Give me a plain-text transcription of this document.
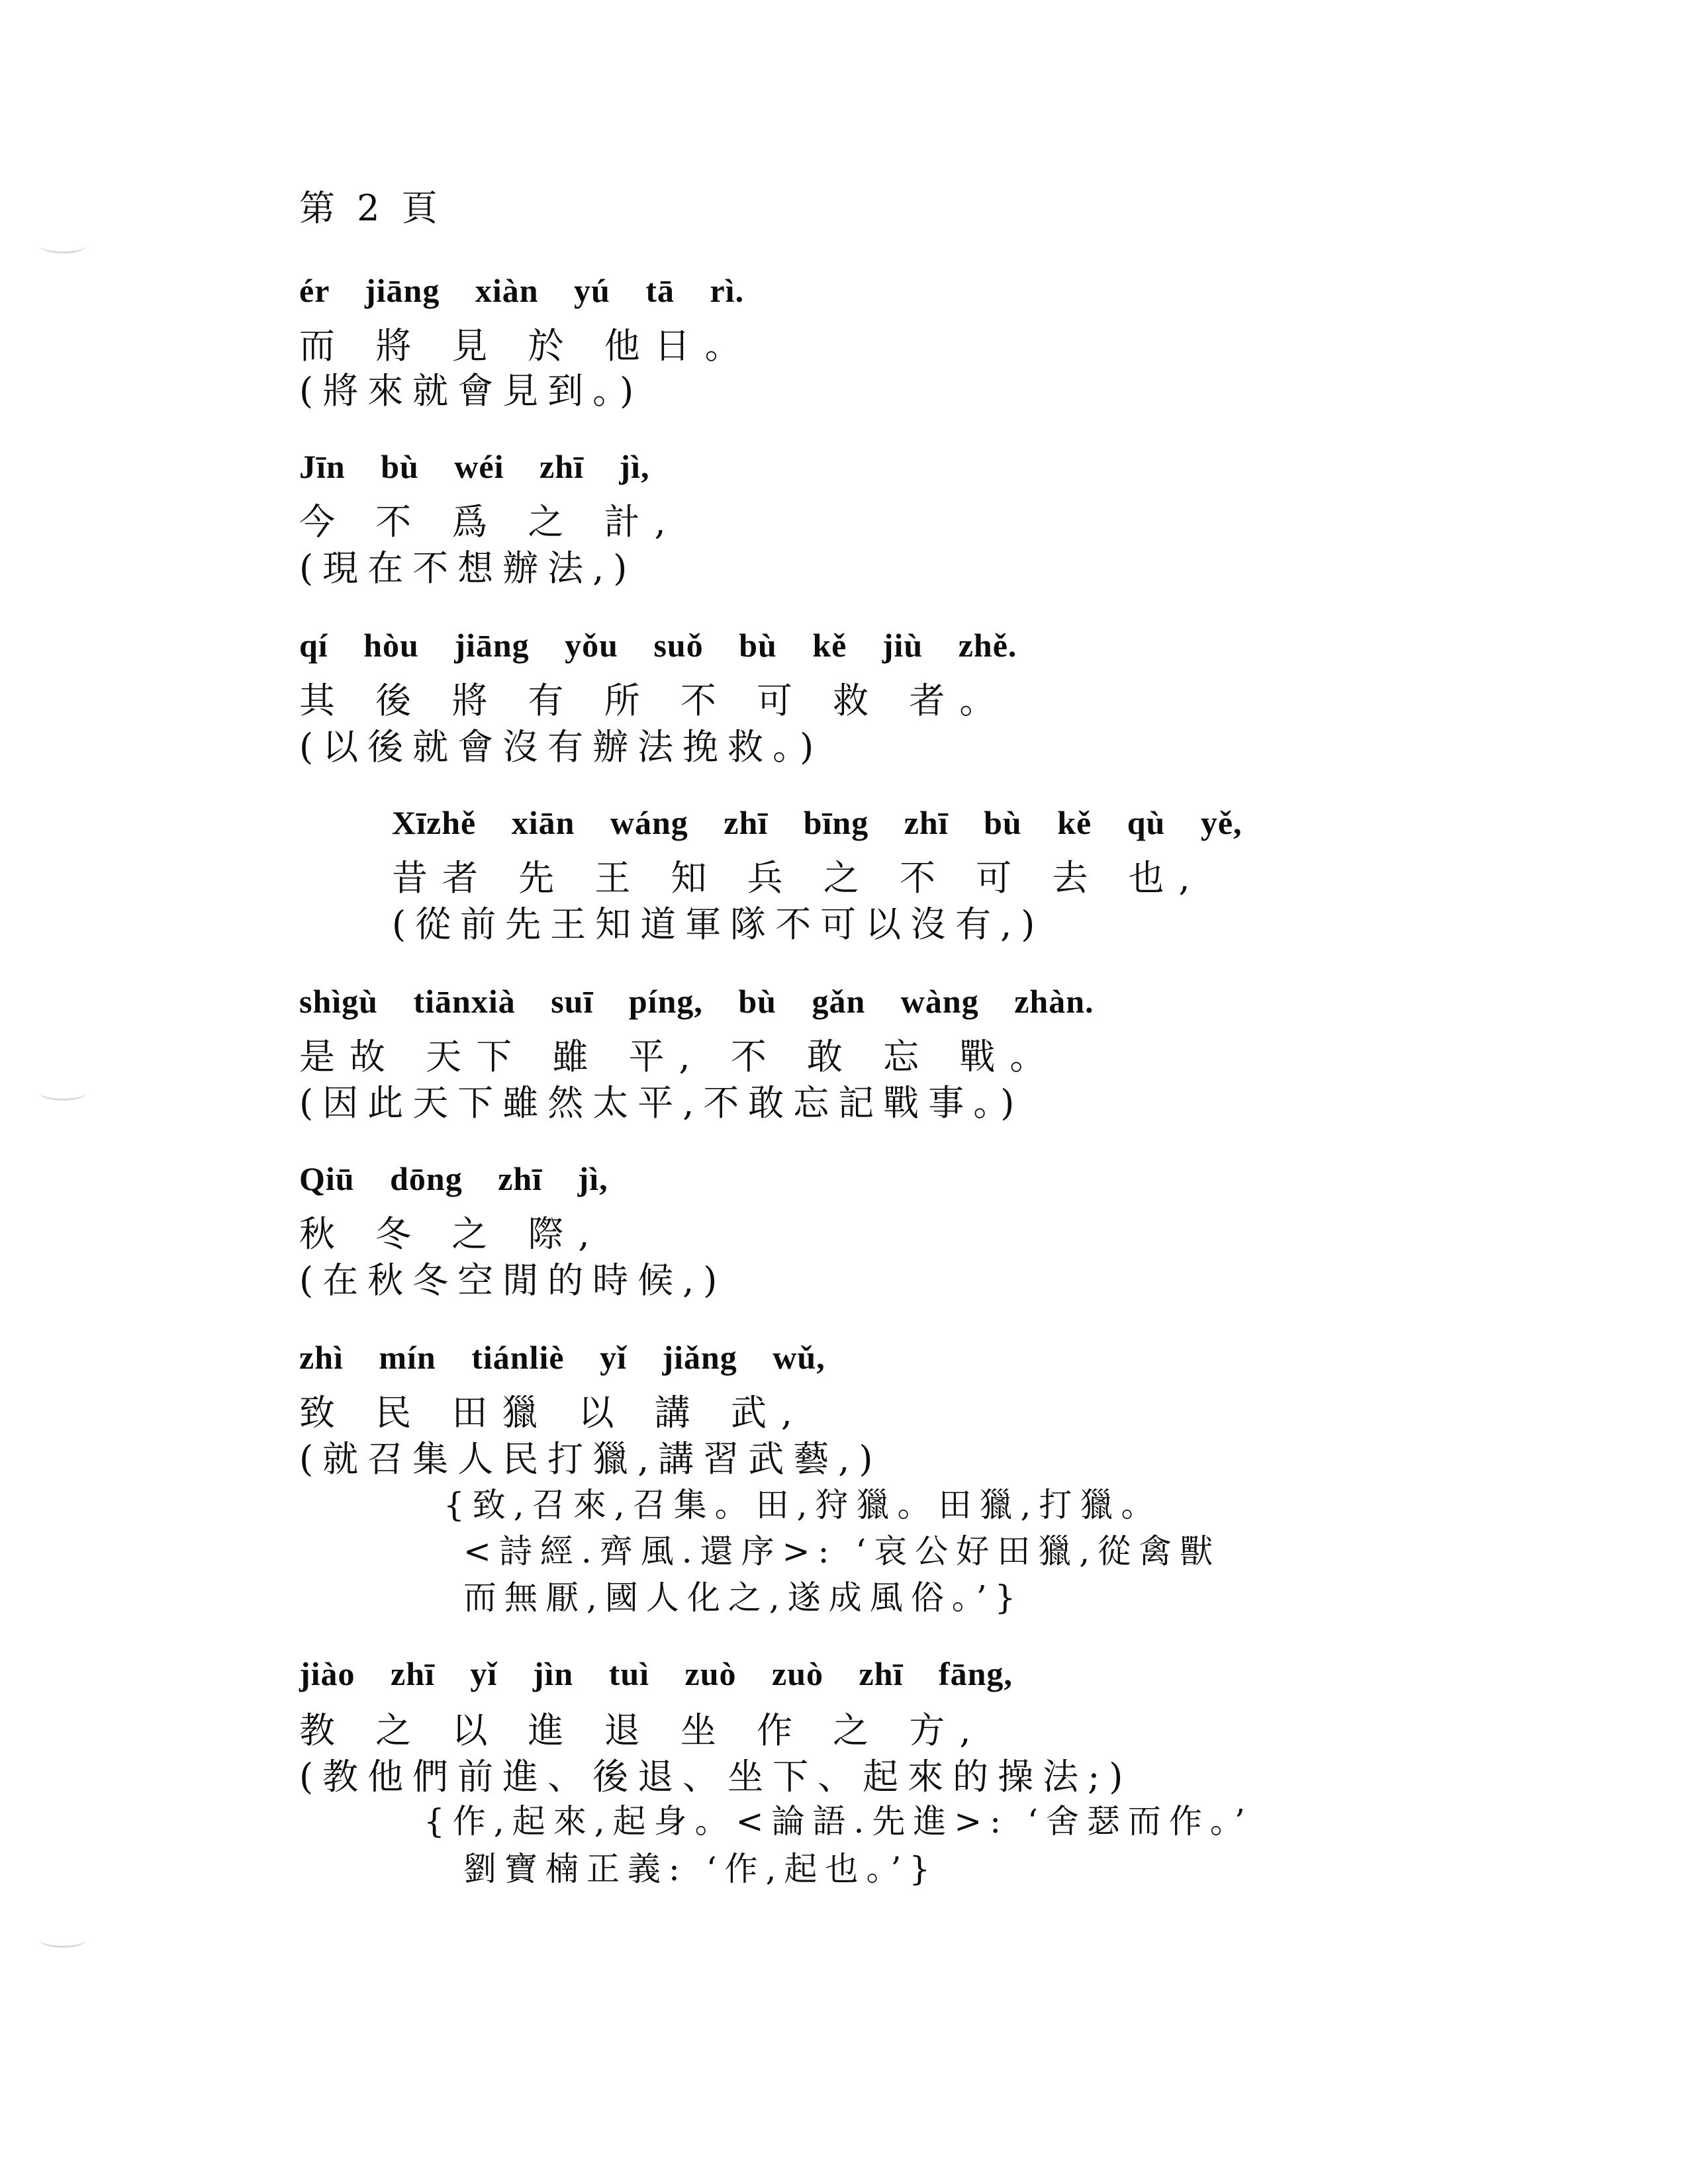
第 2 頁
ér jiāng xiàn yú tā rì.
而 將 見 於 他日。
(將來就會見到。)
Jīn bù wéi zhī jì,
今 不 爲 之 計,
(現在不想辦法,)
qí hòu jiāng yǒu suǒ bù kě jiù zhě.
其 後 將 有 所 不 可 救 者。
(以後就會沒有辦法挽救。)
Xīzhě xiān wáng zhī bīng zhī bù kě qù yě,
昔者 先 王 知 兵 之 不 可 去 也,
(從前先王知道軍隊不可以沒有,)
shìgù tiānxià suī píng, bù gǎn wàng zhàn.
是故 天下 雖 平, 不 敢 忘 戰。
(因此天下雖然太平,不敢忘記戰事。)
Qiū dōng zhī jì,
秋 冬 之 際,
(在秋冬空閒的時候,)
zhì mín tiánliè yǐ jiǎng wǔ,
致 民 田獵 以 講 武,
(就召集人民打獵,講習武藝,)
{致,召來,召集。田,狩獵。田獵,打獵。
<詩經.齊風.還序>: ‘哀公好田獵,從禽獸
而無厭,國人化之,遂成風俗。’}
jiào zhī yǐ jìn tuì zuò zuò zhī fāng,
教 之 以 進 退 坐 作 之 方,
(教他們前進、後退、坐下、起來的操法;)
{作,起來,起身。<論語.先進>: ‘舍瑟而作。’
劉寶楠正義: ‘作,起也。’}
